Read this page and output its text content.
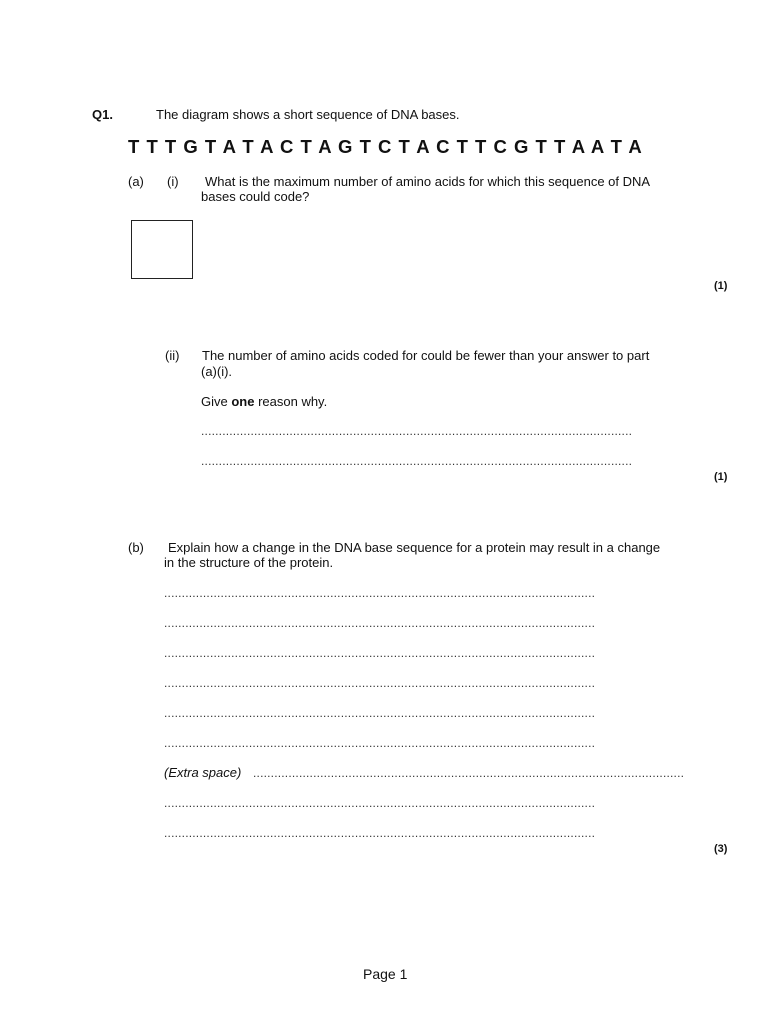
Q1.	The diagram shows a short sequence of DNA bases.
T T T G T A T A C T A G T C T A C T T C G T T A A T A
(a) (i) What is the maximum number of amino acids for which this sequence of DNA
bases could code?
(1)
(ii) The number of amino acids coded for could be fewer than your answer to part
(a)(i).
Give one reason why.
..........................................................................................................................
..........................................................................................................................
(1)
(b) Explain how a change in the DNA base sequence for a protein may result in a change
in the structure of the protein.
..........................................................................................................................
..........................................................................................................................
..........................................................................................................................
..........................................................................................................................
..........................................................................................................................
..........................................................................................................................
(Extra space) ..........................................................................................................................
..........................................................................................................................
..........................................................................................................................
(3)
Page 1
